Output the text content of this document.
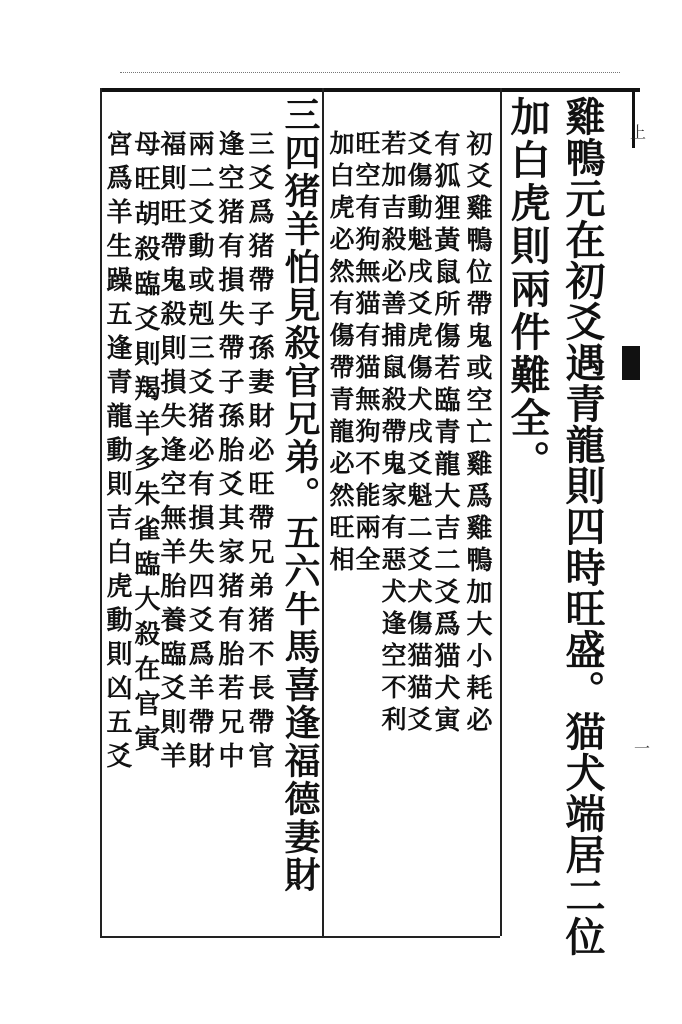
雞鴨元在初爻遇青龍則四時旺盛。猫犬端居二位
加白虎則兩件難全。
初爻雞鴨位帶鬼或空亡雞爲雞鴨加大小耗必
有狐狸黃鼠所傷若臨青龍大吉二爻爲猫犬寅
爻傷動魁戌爻虎傷犬戌爻魁二爻犬傷猫猫爻
若加吉殺必善捕鼠殺帶鬼家有惡犬逢空不利
旺空有狗無猫有猫無狗不能兩全
加白虎必然有傷帶青龍必然旺相
三四猪羊怕見殺官兄弟。五六牛馬喜逢福德妻財
三爻爲猪帶子孫妻財必旺帶兄弟猪不長帶官
逢空猪有損失帶子孫胎爻其家猪有胎若兄中
兩二爻動或剋三爻猪必有損失四爻爲羊帶財
福則旺帶鬼殺則損失逢空無羊胎養臨爻則羊
母旺胡殺臨爻則羯羊多朱雀臨大殺在官寅
宮爲羊生躁五逢青龍動則吉白虎動則凶五爻	上
一
